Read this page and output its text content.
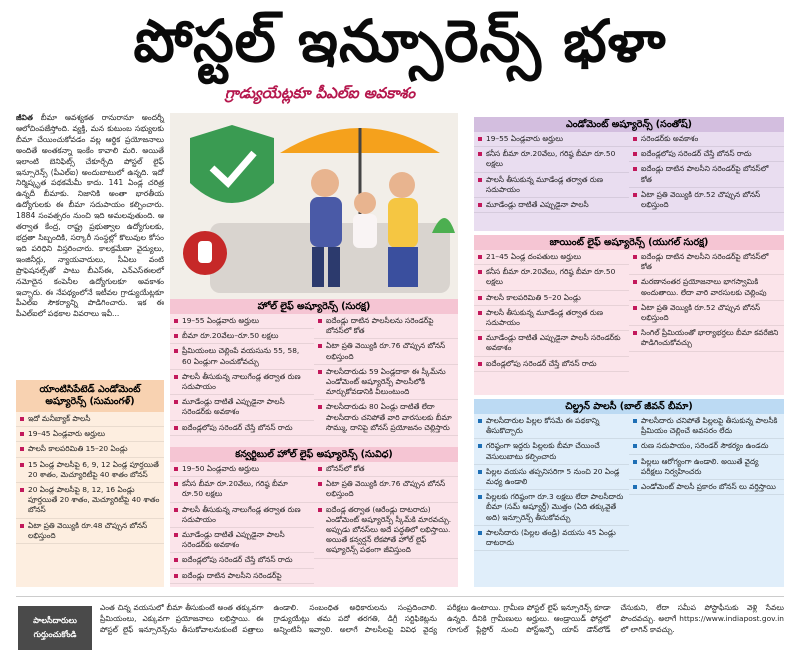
పోస్టల్ ఇన్సూరెన్స్ భళా
గ్రాడ్యుయేట్లకూ పీఎల్ఐ అవకాశం
జీవిత బీమా ఆవశ్యకత రానురానూ అందర్నీ ఆలోచింపజేస్తోంది. వ్యక్తి, మన కుటుంబ సభ్యులకు బీమా చేయించుకోవడం వల్ల ఆర్థిక ప్రయోజనాలు అందితే అంతకన్నా ఇంకేం కావాలి మరి. అయితే ఇలాంటి బెనిఫిట్స్ చేకూర్చేది పోస్టల్ లైఫ్ ఇన్సూరెన్స్ (పీఎల్ఐ) అందుబాటులో ఉన్నది. ఇదో నిర్మిష్కృత పథకమేమీ కాదు. 141 ఏండ్ల చరిత్ర ఉన్నదీ బీమాకు. నిజానికి అంతా భారతీయ ఉద్యోగులకు ఈ బీమా సదుపాయం కల్పించారు. 1884 సంవత్సరం నుంచి ఇది అమలవుతుంది. ఆ తర్వాత కేంద్ర, రాష్ట్ర ప్రభుత్వాల ఉద్యోగులకు, భద్రతా సిబ్బందికి, సర్కారీ సంస్థల్లో కొలువుల కోసం ఇది పరిధిని విస్తరించారు. కాలక్రమేణా వైద్యులు, ఇంజినీర్లు, న్యాయవాదులు, సీఏలు వంటి ప్రొఫెషనల్స్‌తో పాటు బీఎస్ఈ, ఎన్ఎస్ఈలలో నమోదైన కంపెనీల ఉద్యోగులకూ అవకాశం ఇచ్చారు. ఈ నేపథ్యంలోనే ఇటీవల గ్రాడ్యుయేట్లకూ పీఎల్ఐ సౌకర్యాన్ని పొడిగించారు. ఇక ఈ పీఎల్ఐలో పథకాల వివరాలు ఇవీ...
యాంటిసిపేటెడ్ ఎండోమెంట్ అష్యూరెన్స్ (సుమంగళ్)
ఇదో మనీబ్యాక్ పాలసీ
19–45 ఏండ్లవారు అర్హులు
పాలసీ కాలపరిమితి 15–20 ఏండ్లు
15 ఏండ్ల పాలసీపై 6, 9, 12 ఏండ్ల పూర్తయితే 20 శాతం, మెచ్యూరిటీపై 40 శాతం బోనస్
20 ఏండ్ల పాలసీపై 8, 12, 16 ఏండ్లు పూర్తయితే 20 శాతం, మెచ్యూరిటీపై 40 శాతం బోనస్
ఏటా ప్రతి వెయ్యికి రూ.48 చొప్పున బోనస్ లభిస్తుంది
హోల్ లైఫ్ అష్యూరెన్స్ (సురక్ష)
19–55 ఏండ్లవారు అర్హులు
బీమా రూ.20వేలు–రూ.50 లక్షలు
ప్రీమియంలు చెల్లింపే వయసును 55, 58, 60 ఏండ్లుగా ఎంచుకోవచ్చు
పాలసీ తీసుకున్న నాలుగేండ్ల తర్వాత రుణ సదుపాయం
మూడేండ్లు దాటితే ఎప్పుడైనా పాలసీ సరెండర్‌కు అవకాశం
ఐదేండ్లలోపు సరెండర్ చేస్తే బోనస్ రాదు
ఐదేండ్లు దాటిన పాలసీలను సరెండర్‌పై బోనస్‌లో కోత
ఏటా ప్రతి వెయ్యికి రూ.76 చొప్పున బోనస్ లభిస్తుంది
పాలసీదారుడు 59 ఏండ్లదాకా ఈ స్కీమ్‌ను ఎండోమెంట్ అష్యూరెన్స్ పాలసీలోకి మార్చుకోవడానికి వీలుంటుంది
పాలసీదారుడు 80 ఏండ్లు దాటితే లేదా పాలసీదారు చనిపోతే వారి వారసులకు బీమా సొమ్ము, దానిపై బోనస్ ప్రయోజనం చెల్లిస్తారు
కన్వర్టిబుల్ హోల్ లైఫ్ అష్యూరెన్స్ (సువిధ)
19–50 ఏండ్లవారు అర్హులు
కనీస బీమా రూ.20వేలు, గరిష్ఠ బీమా రూ.50 లక్షలు
పాలసీ తీసుకున్న నాలుగేండ్ల తర్వాత రుణ సదుపాయం
మూడేండ్లు దాటితే ఎప్పుడైనా పాలసీ సరెండర్‌కు అవకాశం
ఐదేండ్లలోపు సరెండర్ చేస్తే బోనస్ రాదు
ఐదేండ్లు దాటిన పాలసీని సరెండర్‌పై
బోనస్‌లో కోత
ఏటా ప్రతి వెయ్యికి రూ.76 చొప్పున బోనస్ లభిస్తుంది
ఐదేండ్ల తర్వాత (ఆరేండ్లు దాటరాదు) ఎండోమెంట్ అష్యూరెన్స్ స్కీమ్‌కి మారవచ్చు. అప్పుడు బోనస్‌లు అదే పద్ధతిలో లభిస్తాయి. అయితే కన్వర్షన్ లేకపోతే హోల్ లైఫ్ అష్యూరెన్స్ పథంగా జీవిస్తుంది
ఎండోమెంట్ అష్యూరెన్స్ (సంతోష్)
19–55 ఏండ్లవారు అర్హులు
కనీస బీమా రూ.20వేలు, గరిష్ఠ బీమా రూ.50 లక్షలు
పాలసీ తీసుకున్న మూడేండ్ల తర్వాత రుణ సదుపాయం
మూడేండ్లు దాటితే ఎప్పుడైనా పాలసీ
సరెండర్‌కు అవకాశం
ఐదేండ్లలోపు సరెండర్ చేస్తే బోనస్ రాదు
ఐదేండ్లు దాటిన పాలసీని సరెండర్‌పై బోనస్‌లో కోత
ఏటా ప్రతి వెయ్యికి రూ.52 చొప్పున బోనస్ లభిస్తుంది
జాయింట్ లైఫ్ అష్యూరెన్స్ (యుగల్ సురక్ష)
21–45 ఏండ్ల దంపతులు అర్హులు
కనీస బీమా రూ.20వేలు, గరిష్ఠ బీమా రూ.50 లక్షలు
పాలసీ కాలపరిమితి 5–20 ఏండ్లు
పాలసీ తీసుకున్న మూడేండ్ల తర్వాత రుణ సదుపాయం
మూడేండ్లు దాటితే ఎప్పుడైనా పాలసీ సరెండర్‌కు అవకాశం
ఐదేండ్లలోపు సరెండర్ చేస్తే బోనస్ రాదు
ఐదేండ్లు దాటిన పాలసీని సరెండర్‌పై బోనస్‌లో కోత
మరణానంతర ప్రయోజనాలు భాగస్వామికి అందుతాయి. లేదా వారి వారసులకు చెల్లింపు
ఏటా ప్రతి వెయ్యికి రూ.52 చొప్పున బోనస్ లభిస్తుంది
సింగిల్ ప్రీమియంతో భార్యాభర్తలు బీమా కవరేజిని పొడిగించుకోవచ్చు
చిల్డ్రన్ పాలసీ (బాల్ జీవన్ బీమా)
పాలసీదారుల పిల్లల కోసమే ఈ పథకాన్ని తీసుకొచ్చారు
గరిష్ఠంగా ఇద్దరు పిల్లలకు బీమా చేయించే వెసులుబాటు కల్పించారు
పిల్లల వయసు తప్పనిసరిగా 5 నుంచి 20 ఏండ్ల మధ్య ఉండాలి
పిల్లలకు గరిష్ఠంగా రూ.3 లక్షలు లేదా పాలసీదారు బీమా (సమ్ అష్యూర్డ్) మొత్తం (ఏది తక్కువైతే అది) ఇన్సూరెన్స్ తీసుకోవచ్చు
పాలసీదారు (పిల్లల తండ్రి) వయసు 45 ఏండ్లు దాటరాదు
పాలసీదారు చనిపోతే పిల్లలపై తీసుకున్న పాలసీకి ప్రీమియం చెల్లించే అవసరం లేదు
రుణ సదుపాయం, సరెండర్ సౌకర్యం ఉండదు
పిల్లలు ఆరోగ్యంగా ఉండాలి. అయితే వైద్య పరీక్షలు నిర్వహించరు
ఎండోమెంట్ పాలసీ ప్రకారం బోనస్ లు వర్తిస్తాయి
పాలసీదారులు గుర్తుంచుకోండి
ఎంత చిన్న వయసులో బీమా తీసుకుంటే అంత తక్కువగా ప్రీమియంలు, ఎక్కువగా ప్రయోజనాలు లభిస్తాయి. ఈ పోస్టల్ లైఫ్ ఇన్సూరెన్స్‌ను తీసుకోవాలనుకుంటే పత్రాలు ఉండాలి. సంబంధిత అధికారులను సంప్రదించాలి. గ్రాడ్యుయేట్లు తమ పదో తరగతి, డిగ్రీ సర్టిఫికెట్లను అన్నింటినీ ఇవ్వాలి. అలాగే పాలసీలపై వివిధ వైద్య పరీక్షలు ఉంటాయి. గ్రామీణ పోస్టల్ లైఫ్ ఇన్సూరెన్స్ కూడా ఉన్నది. దీనికి గ్రామీణులు అర్హులు. ఆండ్రాయిడ్ ఫోన్లలో గూగుల్ ప్లేస్టోర్ నుంచి పోస్ట్‌ఇన్ఫో యాప్ డౌన్‌లోడ్ చేసుకుని, లేదా సమీప పోస్టాఫీసుకు వెళ్లి సేవలు పొందవచ్చు. అలాగే https://www.indiapost.gov.in లో లాగిన్ కావచ్చు.
